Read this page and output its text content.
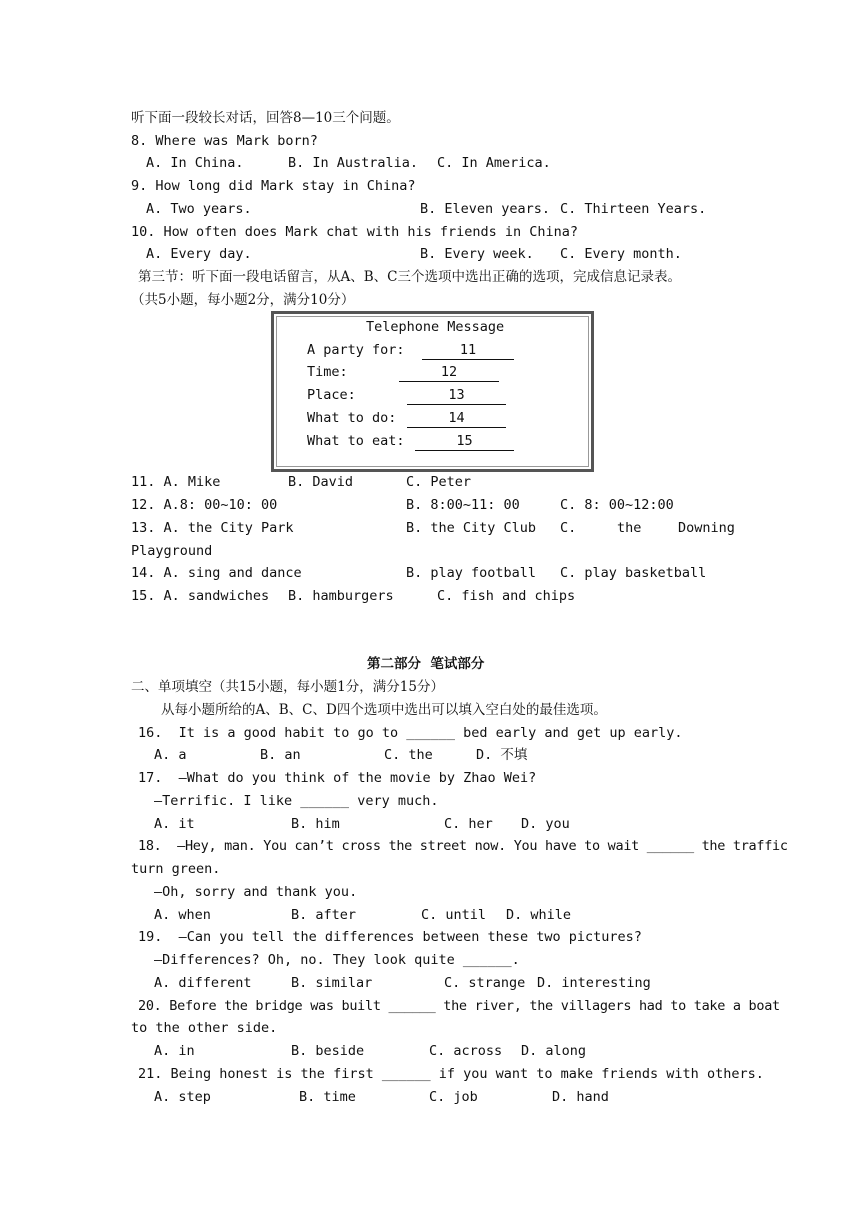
听下面一段较长对话，回答8—10三个问题。
8. Where was Mark born?
A. In China.	B. In Australia. C. In America.
9. How long did Mark stay in China?
A. Two years.	B. Eleven years. C. Thirteen Years.
10. How often does Mark chat with his friends in China?
A. Every day.	B. Every week. C. Every month.
第三节：听下面一段电话留言，从A、B、C三个选项中选出正确的选项，完成信息记录表。
（共5小题，每小题2分，满分10分）
Telephone Message
A party for:	11
Time:	12
Place:	13
What to do:	14
What to eat:	15
11. A. Mike	B. David	C. Peter
12. A.8: 00~10: 00	B. 8:00~11: 00	C. 8: 00~12:00
13. A. the City Park	B. the City Club C.	the	Downing
Playground
14. A. sing and dance	B. play football C. play basketball
15. A. sandwiches B. hamburgers	C. fish and chips
第二部分  笔试部分
二、单项填空（共15小题，每小题1分，满分15分）
从每小题所给的A、B、C、D四个选项中选出可以填入空白处的最佳选项。
16.  It is a good habit to go to ______ bed early and get up early.
A. a	B. an	C. the	D. 不填
17.  —What do you think of the movie by Zhao Wei?
—Terrific. I like ______ very much.
A. it	B. him	C. her D. you
18.  —Hey, man. You can’t cross the street now. You have to wait ______ the traffic
turn green.
—Oh, sorry and thank you.
A. when	B. after	C. until D. while
19.  —Can you tell the differences between these two pictures?
—Differences? Oh, no. They look quite ______.
A. different	B. similar	C. strange D. interesting
20. Before the bridge was built ______ the river, the villagers had to take a boat
to the other side.
A. in	B. beside	C. across D. along
21. Being honest is the first ______ if you want to make friends with others.
A. step	B. time	C. job	D. hand
